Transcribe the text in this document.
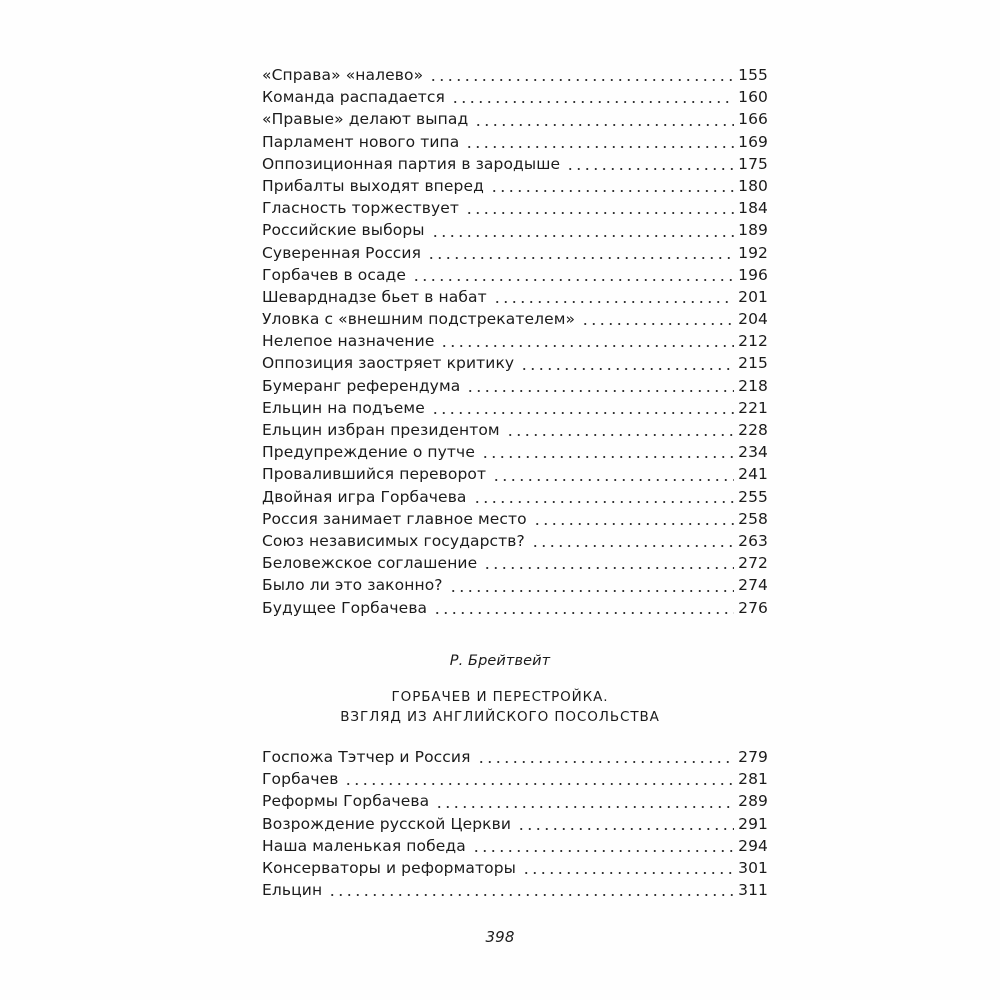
«Справа» «налево»	155
Команда распадается	160
«Правые» делают выпад	166
Парламент нового типа	169
Оппозиционная партия в зародыше	175
Прибалты выходят вперед	180
Гласность торжествует	184
Российские выборы	189
Суверенная Россия	192
Горбачев в осаде	196
Шеварднадзе бьет в набат	201
Уловка с «внешним подстрекателем»	204
Нелепое назначение	212
Оппозиция заостряет критику	215
Бумеранг референдума	218
Ельцин на подъеме	221
Ельцин избран президентом	228
Предупреждение о путче	234
Провалившийся переворот	241
Двойная игра Горбачева	255
Россия занимает главное место	258
Союз независимых государств?	263
Беловежское соглашение	272
Было ли это законно?	274
Будущее Горбачева	276
Р. Брейтвейт
ГОРБАЧЕВ И ПЕРЕСТРОЙКА.
ВЗГЛЯД ИЗ АНГЛИЙСКОГО ПОСОЛЬСТВА
Госпожа Тэтчер и Россия	279
Горбачев	281
Реформы Горбачева	289
Возрождение русской Церкви	291
Наша маленькая победа	294
Консерваторы и реформаторы	301
Ельцин	311
398
